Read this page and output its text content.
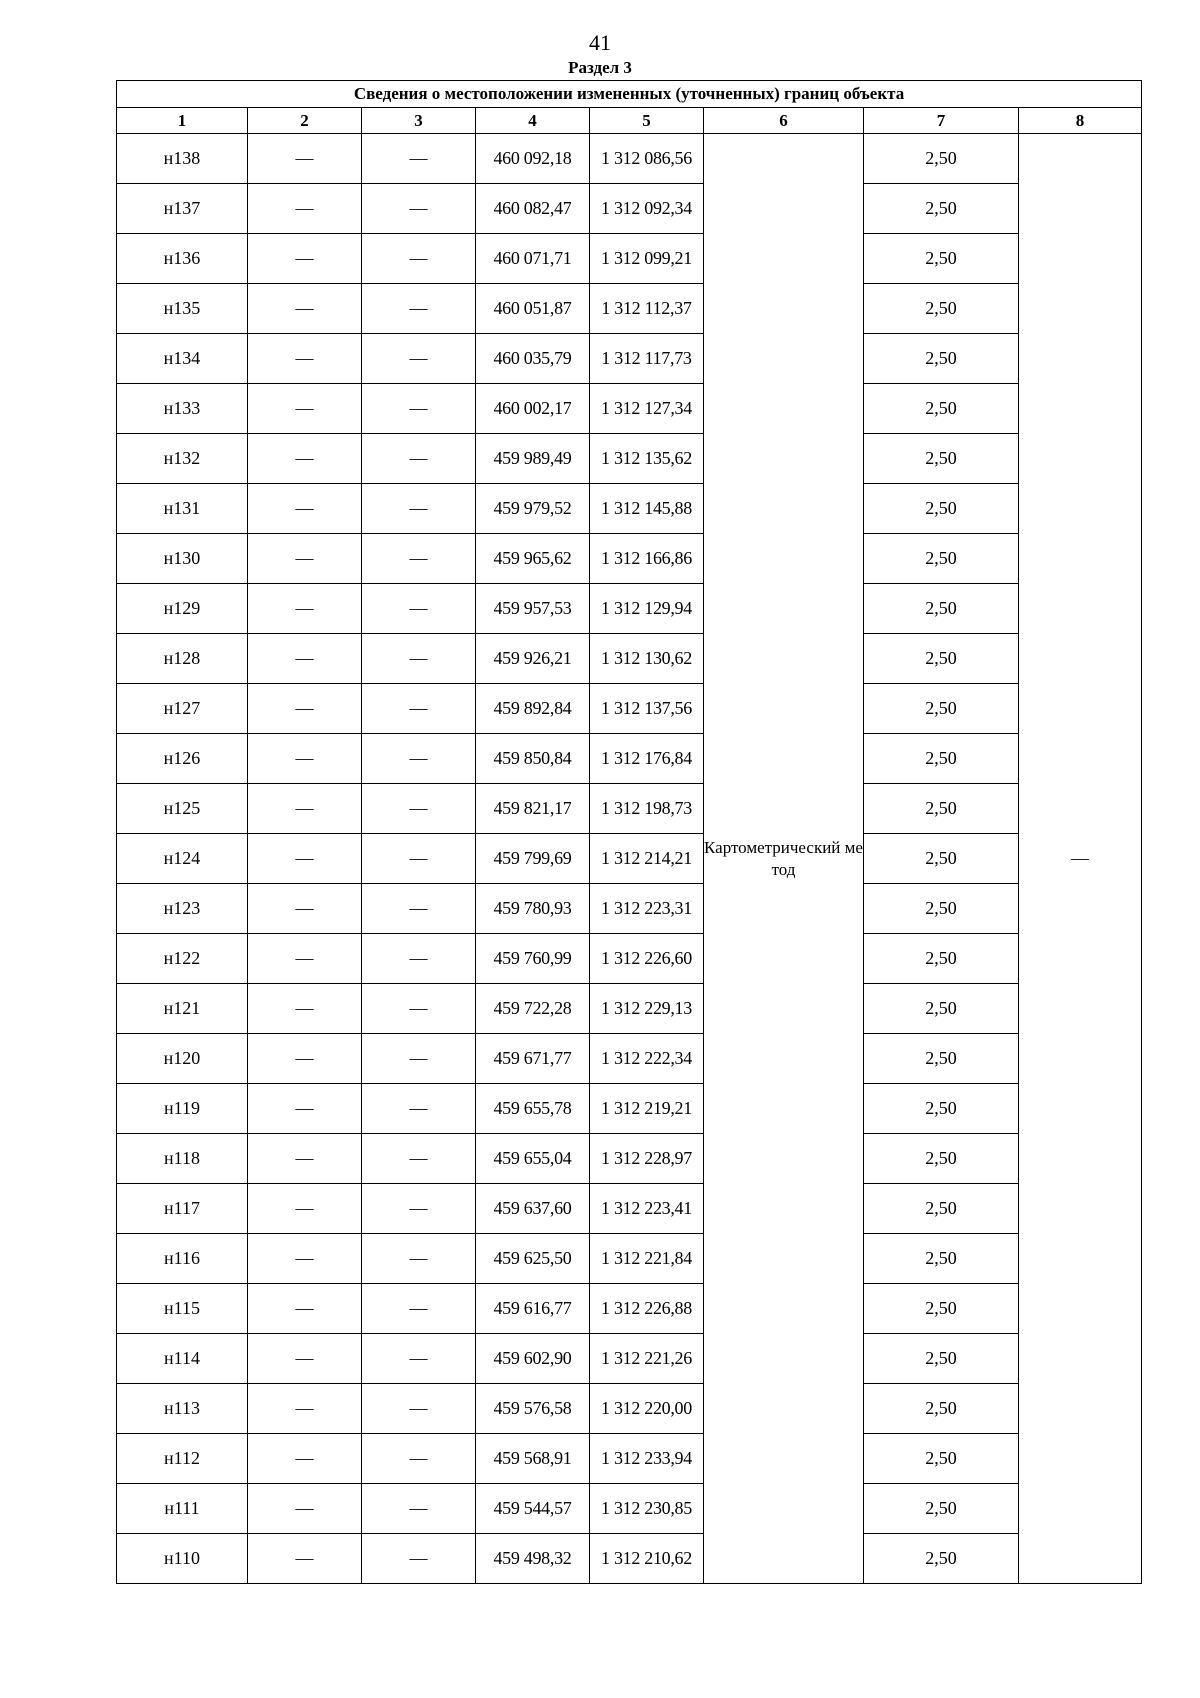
41
Раздел 3
Сведения о местоположении измененных (уточненных) границ объекта							
1	2	3	4	5	6	7	8
н138	—	—	460 092,18	1 312 086,56	Картометрический метод	2,50	—
н137	—	—	460 082,47	1 312 092,34		2,50	
н136	—	—	460 071,71	1 312 099,21		2,50	
н135	—	—	460 051,87	1 312 112,37		2,50	
н134	—	—	460 035,79	1 312 117,73		2,50	
н133	—	—	460 002,17	1 312 127,34		2,50	
н132	—	—	459 989,49	1 312 135,62		2,50	
н131	—	—	459 979,52	1 312 145,88		2,50	
н130	—	—	459 965,62	1 312 166,86		2,50	
н129	—	—	459 957,53	1 312 129,94		2,50	
н128	—	—	459 926,21	1 312 130,62		2,50	
н127	—	—	459 892,84	1 312 137,56		2,50	
н126	—	—	459 850,84	1 312 176,84		2,50	
н125	—	—	459 821,17	1 312 198,73		2,50	
н124	—	—	459 799,69	1 312 214,21		2,50	
н123	—	—	459 780,93	1 312 223,31		2,50	
н122	—	—	459 760,99	1 312 226,60		2,50	
н121	—	—	459 722,28	1 312 229,13		2,50	
н120	—	—	459 671,77	1 312 222,34		2,50	
н119	—	—	459 655,78	1 312 219,21		2,50	
н118	—	—	459 655,04	1 312 228,97		2,50	
н117	—	—	459 637,60	1 312 223,41		2,50	
н116	—	—	459 625,50	1 312 221,84		2,50	
н115	—	—	459 616,77	1 312 226,88		2,50	
н114	—	—	459 602,90	1 312 221,26		2,50	
н113	—	—	459 576,58	1 312 220,00		2,50	
н112	—	—	459 568,91	1 312 233,94		2,50	
н111	—	—	459 544,57	1 312 230,85		2,50	
н110	—	—	459 498,32	1 312 210,62		2,50	
